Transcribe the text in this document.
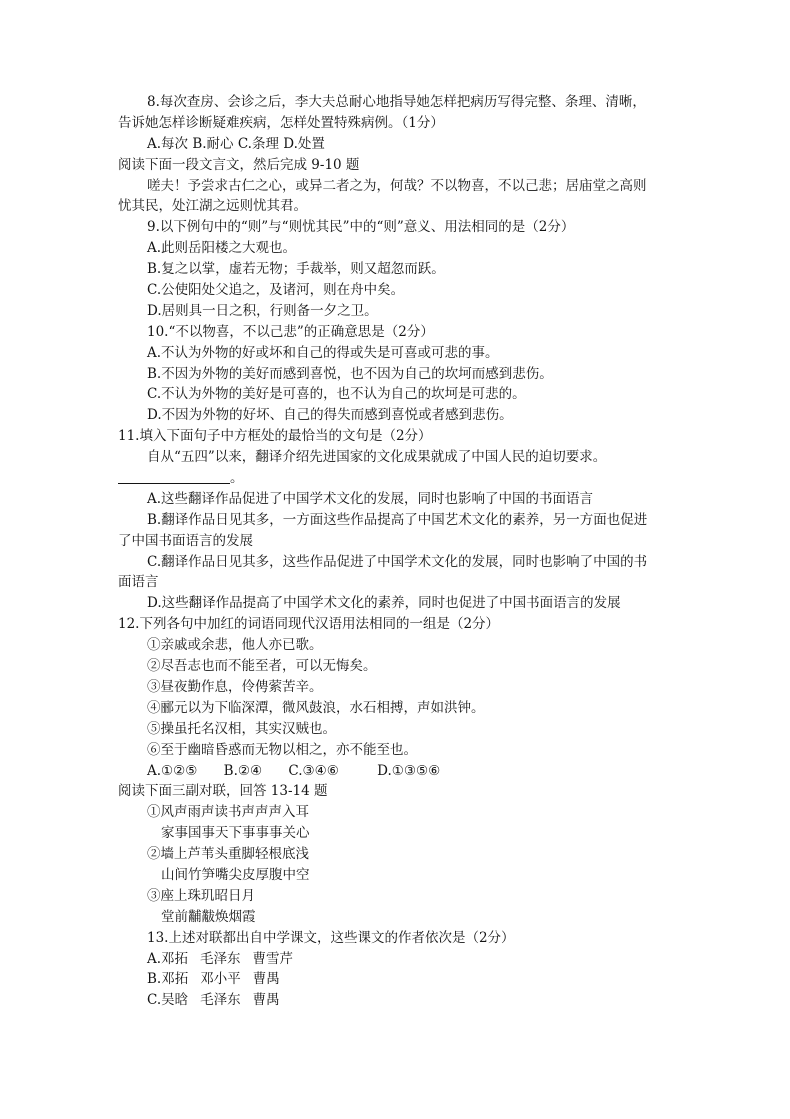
8.每次查房、会诊之后，李大夫总耐心地指导她怎样把病历写得完整、条理、清晰，
告诉她怎样诊断疑难疾病，怎样处置特殊病例。（1分）
A.每次 B.耐心 C.条理 D.处置
阅读下面一段文言文，然后完成 9-10 题
嗟夫！予尝求古仁之心，或异二者之为，何哉？不以物喜，不以己悲；居庙堂之高则
忧其民，处江湖之远则忧其君。
9.以下例句中的“则”与“则忧其民”中的“则”意义、用法相同的是（2分）
A.此则岳阳楼之大观也。
B.复之以掌，虚若无物；手裁举，则又超忽而跃。
C.公使阳处父追之，及诸河，则在舟中矣。
D.居则具一日之积，行则备一夕之卫。
10.“不以物喜，不以己悲”的正确意思是（2分）
A.不认为外物的好或坏和自己的得或失是可喜或可悲的事。
B.不因为外物的美好而感到喜悦，也不因为自己的坎坷而感到悲伤。
C.不认为外物的美好是可喜的，也不认为自己的坎坷是可悲的。
D.不因为外物的好坏、自己的得失而感到喜悦或者感到悲伤。
11.填入下面句子中方框处的最恰当的文句是（2分）
自从“五四”以来，翻译介绍先进国家的文化成果就成了中国人民的迫切要求。
。
A.这些翻译作品促进了中国学术文化的发展，同时也影响了中国的书面语言
B.翻译作品日见其多，一方面这些作品提高了中国艺术文化的素养，另一方面也促进
了中国书面语言的发展
C.翻译作品日见其多，这些作品促进了中国学术文化的发展，同时也影响了中国的书
面语言
D.这些翻译作品提高了中国学术文化的素养，同时也促进了中国书面语言的发展
12.下列各句中加红的词语同现代汉语用法相同的一组是（2分）
①亲戚或余悲，他人亦已歌。
②尽吾志也而不能至者，可以无悔矣。
③昼夜勤作息，伶俜萦苦辛。
④郦元以为下临深潭，微风鼓浪，水石相搏，声如洪钟。
⑤操虽托名汉相，其实汉贼也。
⑥至于幽暗昏惑而无物以相之，亦不能至也。
A.①②⑤ B.②④ C.③④⑥	D.①③⑤⑥
阅读下面三副对联，回答 13-14 题
①风声雨声读书声声声入耳
家事国事天下事事事关心
②墙上芦苇头重脚轻根底浅
山间竹笋嘴尖皮厚腹中空
③座上珠玑昭日月
堂前黼黻焕烟霞
13.上述对联都出自中学课文，这些课文的作者依次是（2分）
A.邓拓 毛泽东 曹雪芹
B.邓拓 邓小平 曹禺
C.吴晗 毛泽东 曹禺
